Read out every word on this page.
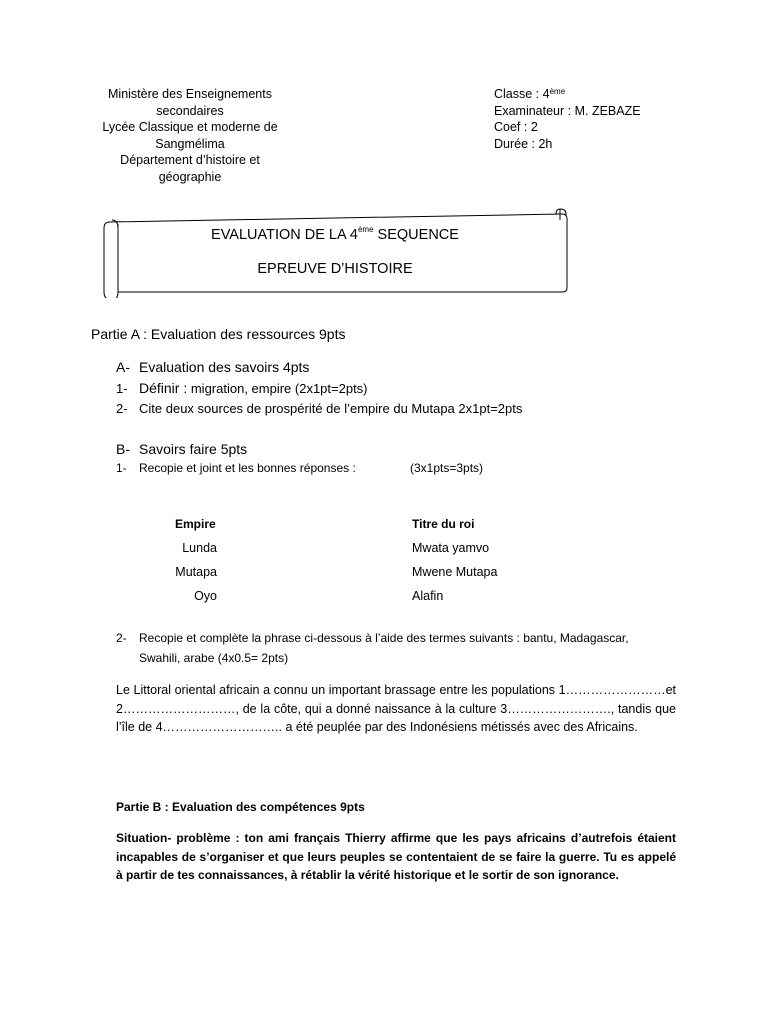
Ministère des Enseignements
secondaires
Lycée Classique et moderne de
Sangmélima
Département d’histoire et
géographie
Classe : 4ème
Examinateur : M. ZEBAZE
Coef : 2
Durée : 2h
EVALUATION DE LA 4ème SEQUENCE
EPREUVE D’HISTOIRE
Partie A : Evaluation des ressources 9pts
A- Evaluation des savoirs 4pts
1- Définir : migration, empire (2x1pt=2pts)
2- Cite deux sources de prospérité de l’empire du Mutapa 2x1pt=2pts
B- Savoirs faire 5pts
1- Recopie et joint et les bonnes réponses :	(3x1pts=3pts)
Empire	Titre du roi
Lunda
Mutapa
Oyo
Mwata yamvo
Mwene Mutapa
Alafin
2- Recopie et complète la phrase ci-dessous à l’aide des termes suivants : bantu, Madagascar,
Swahili, arabe (4x0.5= 2pts)
Le Littoral oriental africain a connu un important brassage entre les populations 1……………………et 2………………………, de la côte, qui a donné naissance à la culture 3……………………., tandis que l’île de 4……………………….. a été peuplée par des Indonésiens métissés avec des Africains.
Partie B : Evaluation des compétences 9pts
Situation- problème : ton ami français Thierry affirme que les pays africains d’autrefois étaient incapables de s’organiser et que leurs peuples se contentaient de se faire la guerre. Tu es appelé à partir de tes connaissances, à rétablir la vérité historique et le sortir de son ignorance.
